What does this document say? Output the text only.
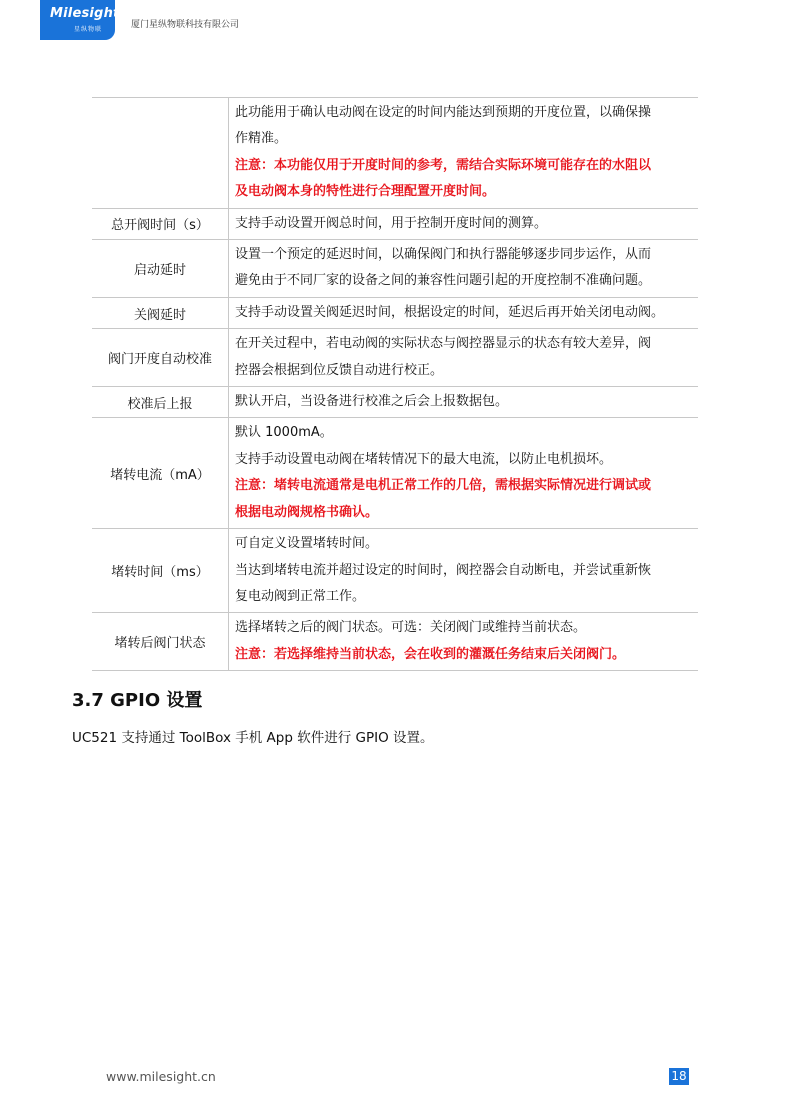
Milesight
星纵物联	厦门星纵物联科技有限公司

	此功能用于确认电动阀在设定的时间内能达到预期的开度位置，以确保操
作精准。
注意：本功能仅用于开度时间的参考，需结合实际环境可能存在的水阻以
及电动阀本身的特性进行合理配置开度时间。

总开阀时间（s）	支持手动设置开阀总时间，用于控制开度时间的测算。

启动延时	设置一个预定的延迟时间，以确保阀门和执行器能够逐步同步运作，从而
避免由于不同厂家的设备之间的兼容性问题引起的开度控制不准确问题。

关阀延时	支持手动设置关阀延迟时间，根据设定的时间，延迟后再开始关闭电动阀。

阀门开度自动校准	在开关过程中，若电动阀的实际状态与阀控器显示的状态有较大差异，阀
控器会根据到位反馈自动进行校正。

校准后上报	默认开启，当设备进行校准之后会上报数据包。

堵转电流（mA）	默认 1000mA。
支持手动设置电动阀在堵转情况下的最大电流，以防止电机损坏。
注意：堵转电流通常是电机正常工作的几倍，需根据实际情况进行调试或
根据电动阀规格书确认。

堵转时间（ms）	可自定义设置堵转时间。
当达到堵转电流并超过设定的时间时，阀控器会自动断电，并尝试重新恢
复电动阀到正常工作。

堵转后阀门状态	选择堵转之后的阀门状态。可选：关闭阀门或维持当前状态。
注意：若选择维持当前状态，会在收到的灌溉任务结束后关闭阀门。
3.7 GPIO 设置
UC521 支持通过 ToolBox 手机 App 软件进行 GPIO 设置。
www.milesight.cn	18
